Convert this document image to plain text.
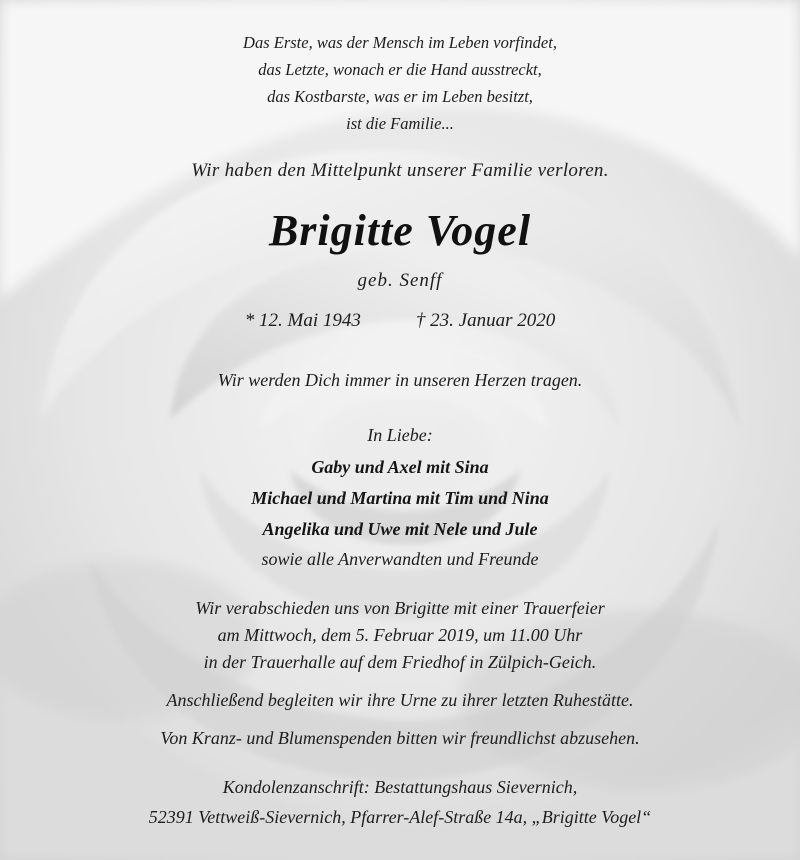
Das Erste, was der Mensch im Leben vorfindet,
das Letzte, wonach er die Hand ausstreckt,
das Kostbarste, was er im Leben besitzt,
ist die Familie...
Wir haben den Mittelpunkt unserer Familie verloren.
Brigitte Vogel
geb. Senff
* 12. Mai 1943	† 23. Januar 2020
Wir werden Dich immer in unseren Herzen tragen.
In Liebe:
Gaby und Axel mit Sina
Michael und Martina mit Tim und Nina
Angelika und Uwe mit Nele und Jule
sowie alle Anverwandten und Freunde
Wir verabschieden uns von Brigitte mit einer Trauerfeier
am Mittwoch, dem 5. Februar 2019, um 11.00 Uhr
in der Trauerhalle auf dem Friedhof in Zülpich-Geich.
Anschließend begleiten wir ihre Urne zu ihrer letzten Ruhestätte.
Von Kranz- und Blumenspenden bitten wir freundlichst abzusehen.
Kondolenzanschrift: Bestattungshaus Sievernich,
52391 Vettweiß-Sievernich, Pfarrer-Alef-Straße 14a, „Brigitte Vogel“
